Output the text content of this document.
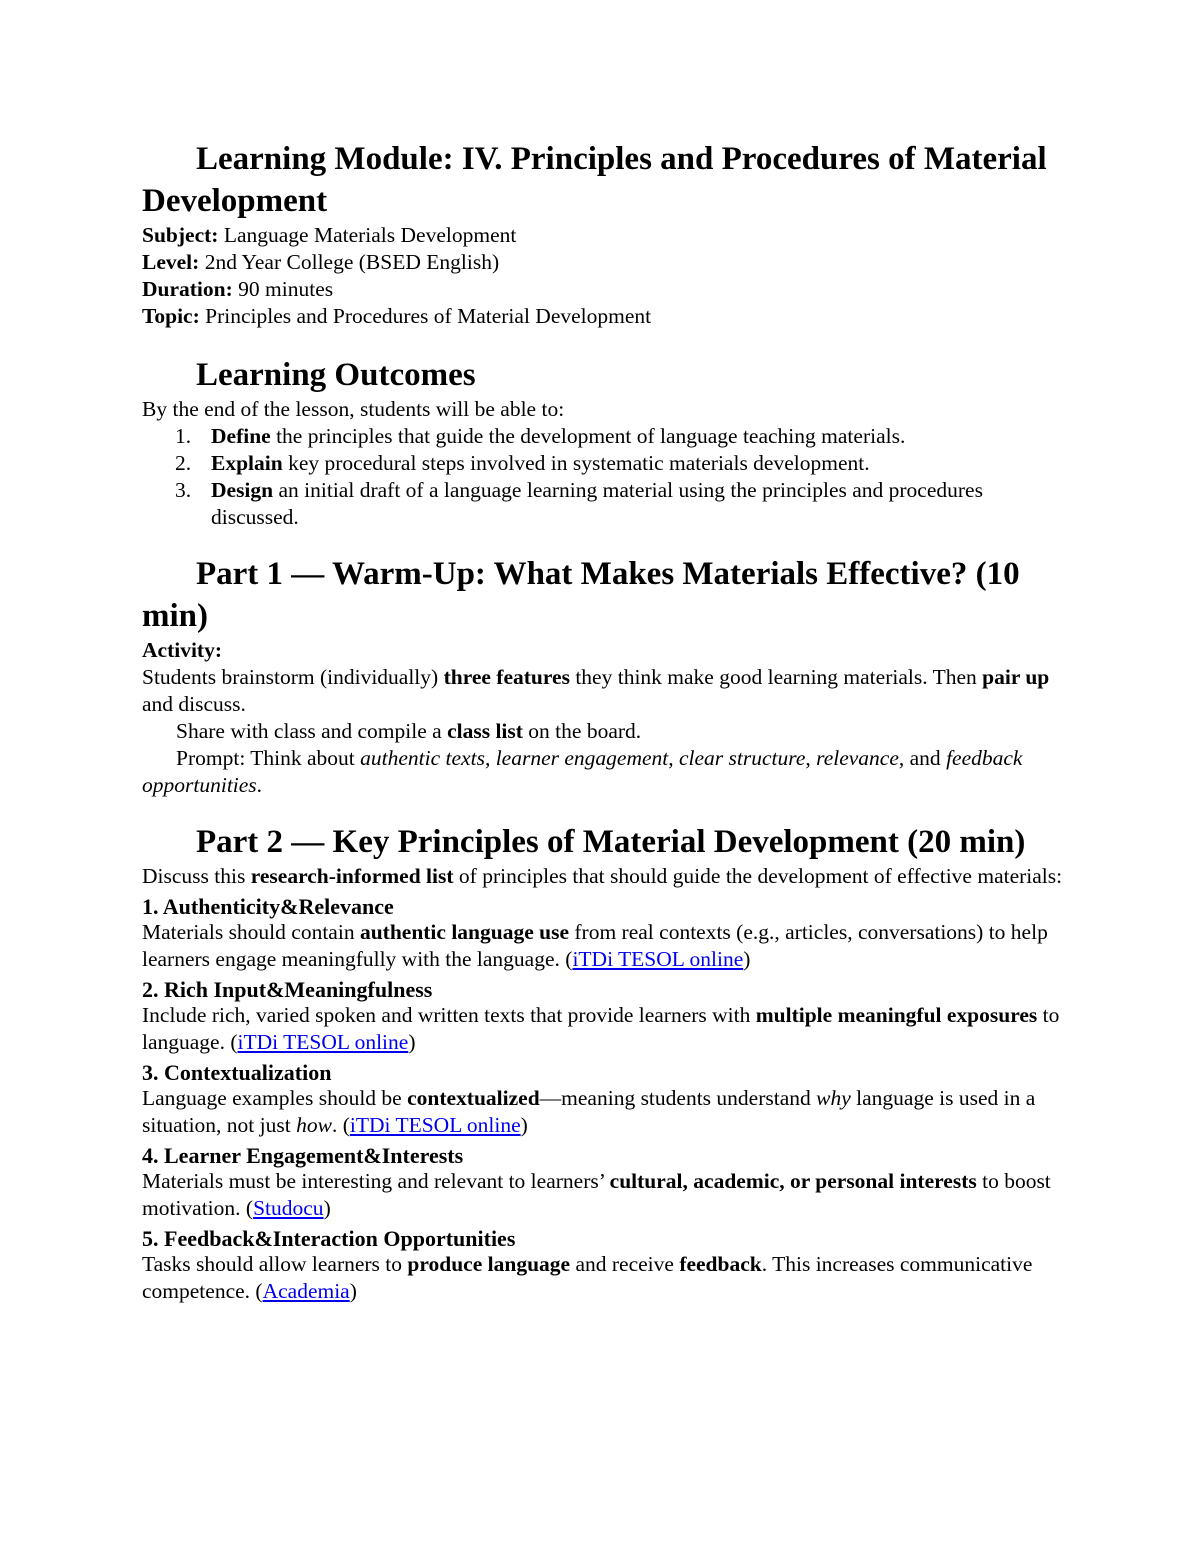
Learning Module: IV. Principles and Procedures of Material Development

Subject: Language Materials Development

Level: 2nd Year College (BSED English)

Duration: 90 minutes

Topic: Principles and Procedures of Material Development

Learning Outcomes

By the end of the lesson, students will be able to:

1. Define the principles that guide the development of language teaching materials.
2. Explain key procedural steps involved in systematic materials development.
3. Design an initial draft of a language learning material using the principles and procedures discussed.
Part 1 — Warm-Up: What Makes Materials Effective? (10 min)

Activity:

Students brainstorm (individually) three features they think make good learning materials. Then pair up and discuss.

Share with class and compile a class list on the board.

Prompt: Think about authentic texts, learner engagement, clear structure, relevance, and feedback opportunities.

Part 2 — Key Principles of Material Development (20 min)

Discuss this research-informed list of principles that should guide the development of effective materials:

1. Authenticity&Relevance

Materials should contain authentic language use from real contexts (e.g., articles, conversations) to help learners engage meaningfully with the language. (iTDi TESOL online)

2. Rich Input&Meaningfulness

Include rich, varied spoken and written texts that provide learners with multiple meaningful exposures to language. (iTDi TESOL online)

3. Contextualization

Language examples should be contextualized—meaning students understand why language is used in a situation, not just how. (iTDi TESOL online)

4. Learner Engagement&Interests

Materials must be interesting and relevant to learners’ cultural, academic, or personal interests to boost motivation. (Studocu)

5. Feedback&Interaction Opportunities

Tasks should allow learners to produce language and receive feedback. This increases communicative competence. (Academia)
